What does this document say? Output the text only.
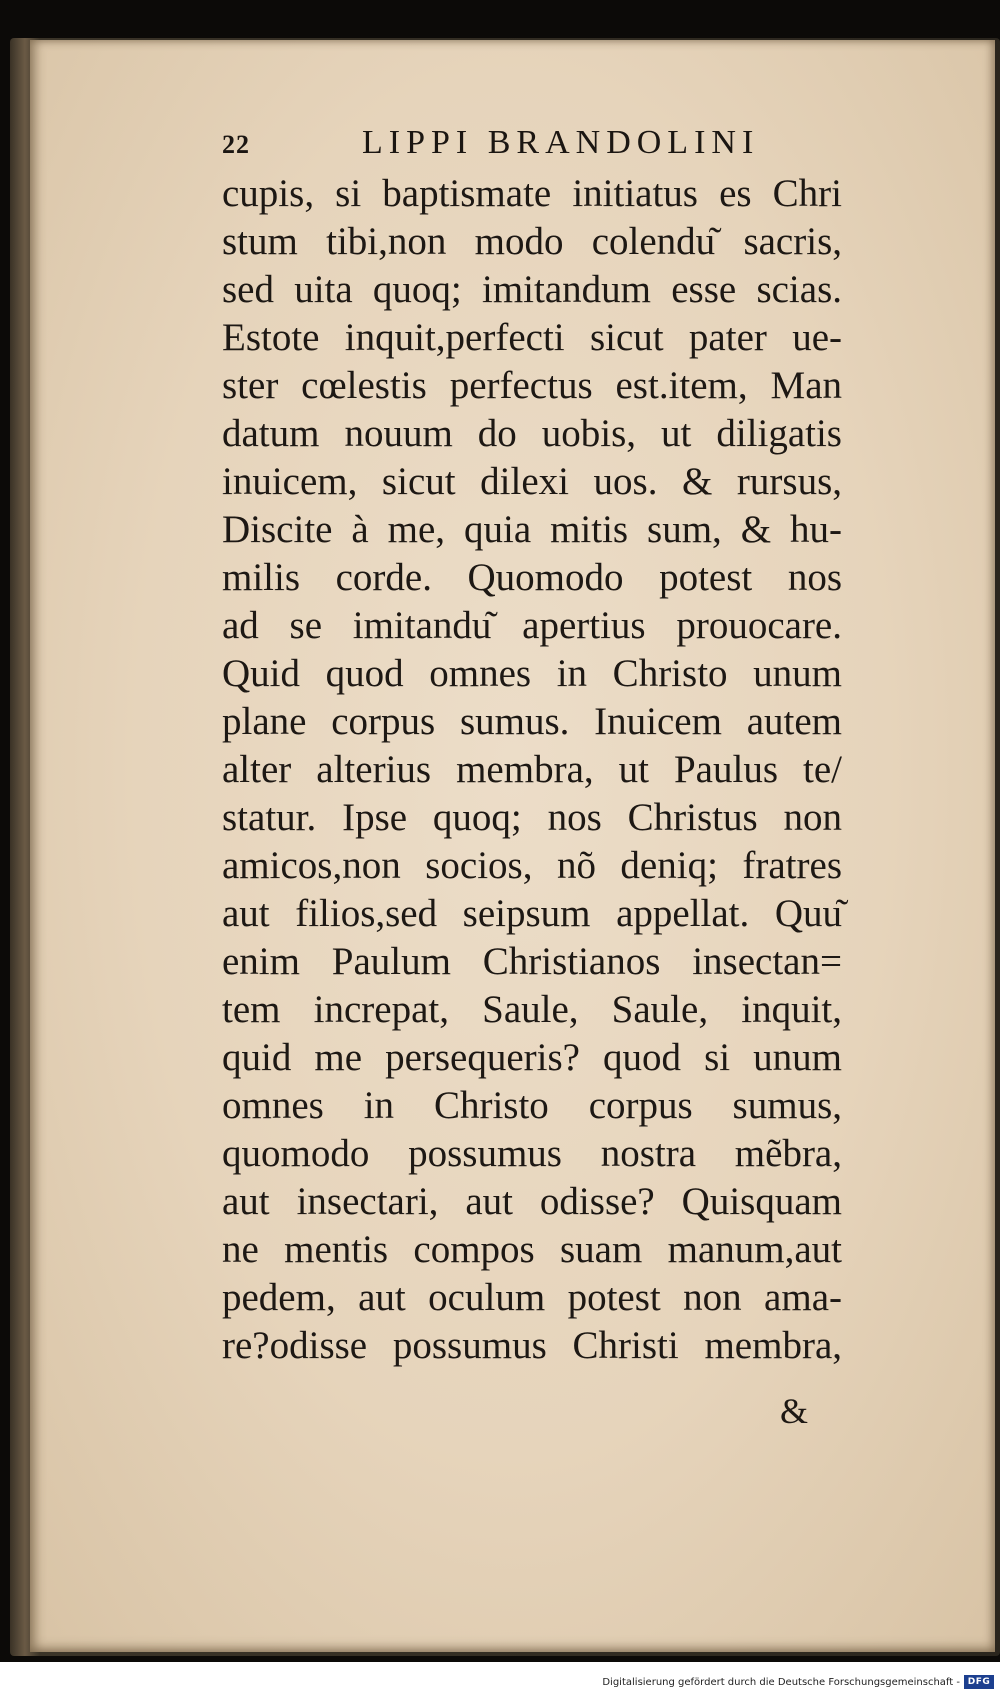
22	LIPPI BRANDOLINI
cupis, si baptismate initiatus es Chri
stum tibi,non modo colendu͂ sacris,
sed uita quoq; imitandum esse scias.
Estote inquit,perfecti sicut pater ue-
ster cœlestis perfectus est.item, Man
datum nouum do uobis, ut diligatis
inuicem, sicut dilexi uos. & rursus,
Discite à me, quia mitis sum, & hu-
milis corde. Quomodo potest nos
ad se imitandu͂ apertius prouocare.
Quid quod omnes in Christo unum
plane corpus sumus. Inuicem autem
alter alterius membra, ut Paulus te/
statur. Ipse quoq; nos Christus non
amicos,non socios, nõ deniq; fratres
aut filios,sed seipsum appellat. Quu͂
enim Paulum Christianos insectan=
tem increpat, Saule, Saule, inquit,
quid me persequeris? quod si unum
omnes in Christo corpus sumus,
quomodo possumus nostra mẽbra,
aut insectari, aut odisse? Quisquam
ne mentis compos suam manum,aut
pedem, aut oculum potest non ama-
re?odisse possumus Christi membra,
&
Digitalisierung gefördert durch die Deutsche Forschungsgemeinschaft - DFG
